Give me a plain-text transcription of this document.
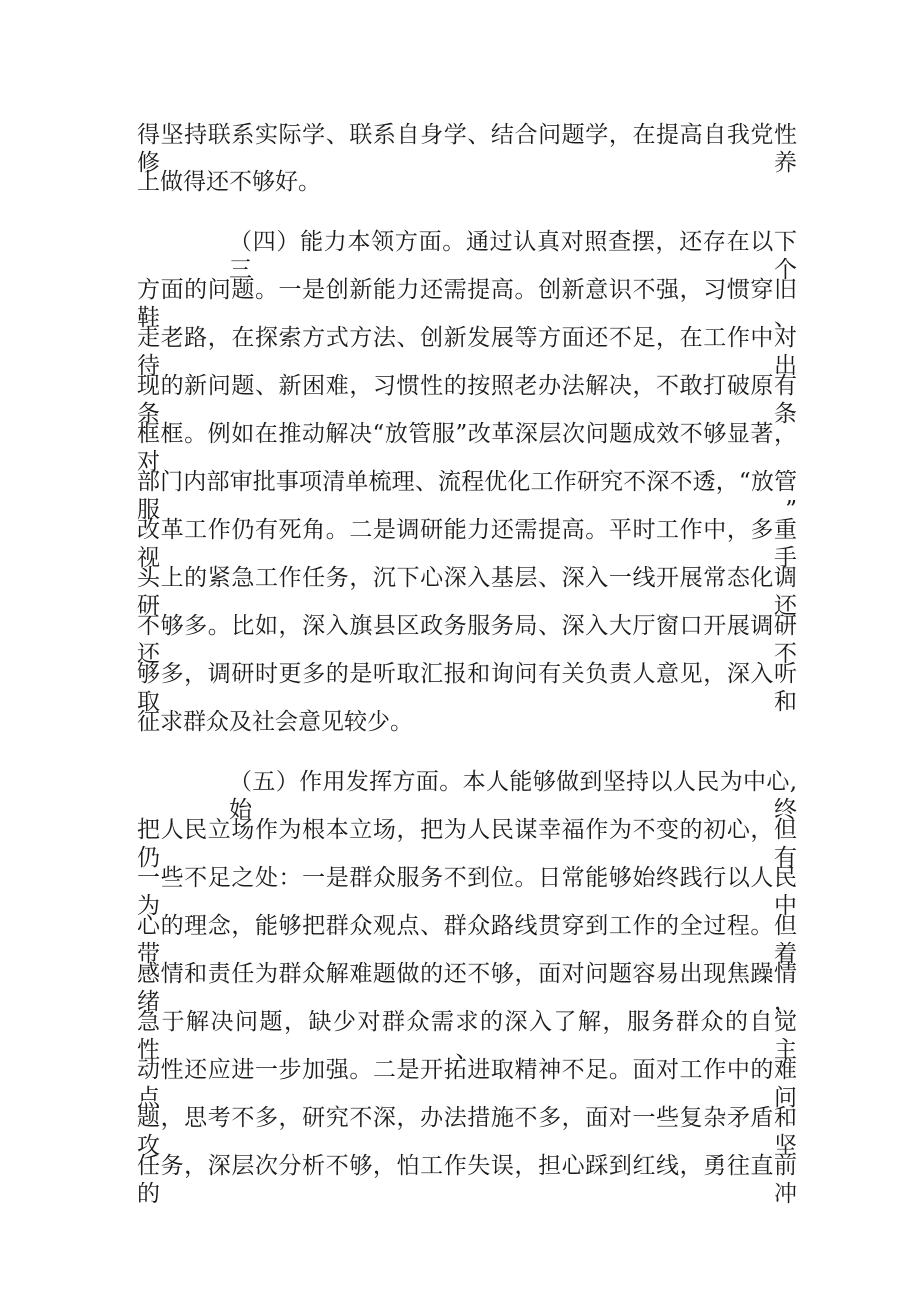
得坚持联系实际学、联系自身学、结合问题学，在提高自我党性修养
上做得还不够好。
（四）能力本领方面。通过认真对照查摆，还存在以下三个
方面的问题。一是创新能力还需提高。创新意识不强，习惯穿旧鞋、
走老路，在探索方式方法、创新发展等方面还不足，在工作中对待出
现的新问题、新困难，习惯性的按照老办法解决，不敢打破原有条条
框框。例如在推动解决“放管服”改革深层次问题成效不够显著，对
部门内部审批事项清单梳理、流程优化工作研究不深不透，“放管服”
改革工作仍有死角。二是调研能力还需提高。平时工作中，多重视手
头上的紧急工作任务，沉下心深入基层、深入一线开展常态化调研还
不够多。比如，深入旗县区政务服务局、深入大厅窗口开展调研还不
够多，调研时更多的是听取汇报和询问有关负责人意见，深入听取和
征求群众及社会意见较少。
（五）作用发挥方面。本人能够做到坚持以人民为中心,始终
把人民立场作为根本立场，把为人民谋幸福作为不变的初心，但仍有
一些不足之处：一是群众服务不到位。日常能够始终践行以人民为中
心的理念，能够把群众观点、群众路线贯穿到工作的全过程。但带着
感情和责任为群众解难题做的还不够，面对问题容易出现焦躁情绪，
急于解决问题，缺少对群众需求的深入了解，服务群众的自觉性、主
动性还应进一步加强。二是开拓进取精神不足。面对工作中的难点问
题，思考不多，研究不深，办法措施不多，面对一些复杂矛盾和攻坚
任务，深层次分析不够，怕工作失误，担心踩到红线，勇往直前的冲
